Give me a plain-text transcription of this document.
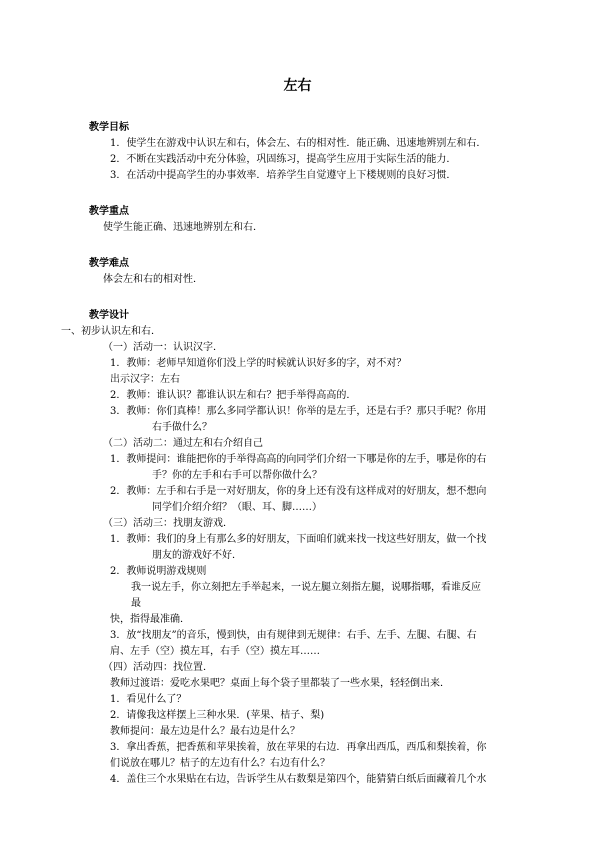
左右
教学目标
1．使学生在游戏中认识左和右，体会左、右的相对性．能正确、迅速地辨别左和右．
2．不断在实践活动中充分体验，巩固练习，提高学生应用于实际生活的能力．
3．在活动中提高学生的办事效率．培养学生自觉遵守上下楼规则的良好习惯．
教学重点
使学生能正确、迅速地辨别左和右．
教学难点
体会左和右的相对性．
教学设计
一、初步认识左和右．
（一）活动一：认识汉字．
1．教师：老师早知道你们没上学的时候就认识好多的字，对不对？
出示汉字：左右
2．教师：谁认识？都谁认识左和右？把手举得高高的．
3．教师：你们真棒！那么多同学都认识！你举的是左手，还是右手？那只手呢？你用
右手做什么？
（二）活动二：通过左和右介绍自己
1．教师提问：谁能把你的手举得高高的向同学们介绍一下哪是你的左手，哪是你的右
手？你的左手和右手可以帮你做什么？
2．教师：左手和右手是一对好朋友，你的身上还有没有这样成对的好朋友，想不想向
同学们介绍介绍？（眼、耳、脚……）
（三）活动三：找朋友游戏．
1．教师：我们的身上有那么多的好朋友，下面咱们就来找一找这些好朋友，做一个找
朋友的游戏好不好．
2．教师说明游戏规则
我一说左手，你立刻把左手举起来，一说左腿立刻指左腿，说哪指哪，看谁反应
最
快，指得最准确．
3．放“找朋友”的音乐，慢到快，由有规律到无规律：右手、左手、左腿、右腿、右
肩、左手（空）摸左耳，右手（空）摸左耳……
（四）活动四：找位置．
教师过渡语：爱吃水果吧？桌面上每个袋子里都装了一些水果，轻轻倒出来．
1．看见什么了？
2．请像我这样摆上三种水果．(苹果、桔子、梨)
教师提问：最左边是什么？最右边是什么？
3．拿出香蕉，把香蕉和苹果挨着，放在苹果的右边．再拿出西瓜，西瓜和梨挨着，你
们说放在哪儿？桔子的左边有什么？右边有什么？
4．盖住三个水果贴在右边，告诉学生从右数梨是第四个，能猜猜白纸后面藏着几个水
